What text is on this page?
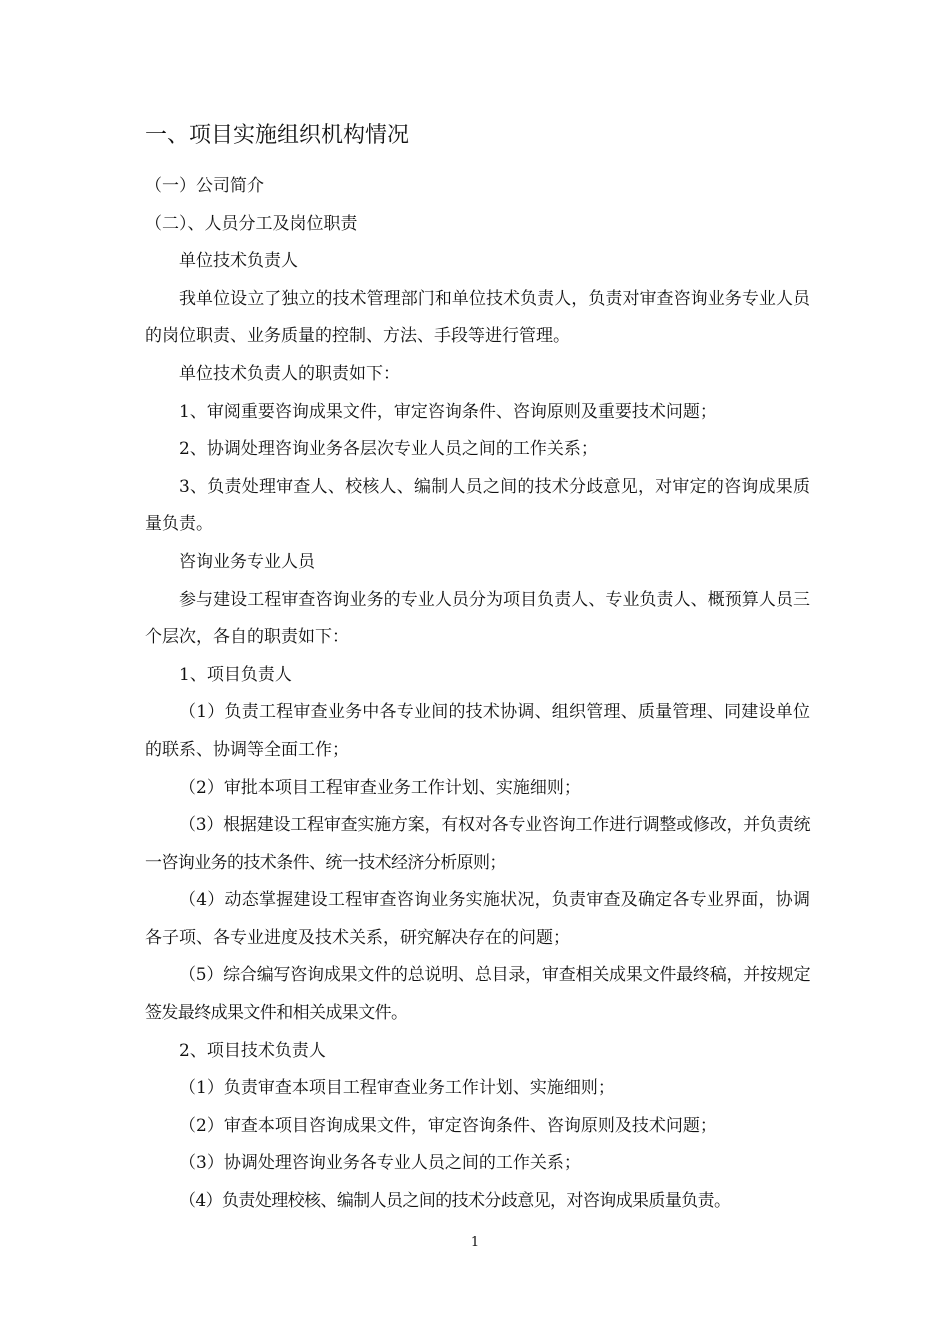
一、项目实施组织机构情况

（一）公司简介

（二）、人员分工及岗位职责

单位技术负责人

我单位设立了独立的技术管理部门和单位技术负责人，负责对审查咨询业务专业人员的岗位职责、业务质量的控制、方法、手段等进行管理。

单位技术负责人的职责如下：

1、审阅重要咨询成果文件，审定咨询条件、咨询原则及重要技术问题；

2、协调处理咨询业务各层次专业人员之间的工作关系；

3、负责处理审查人、校核人、编制人员之间的技术分歧意见，对审定的咨询成果质量负责。

咨询业务专业人员

参与建设工程审查咨询业务的专业人员分为项目负责人、专业负责人、概预算人员三个层次，各自的职责如下：

1、项目负责人

（1）负责工程审查业务中各专业间的技术协调、组织管理、质量管理、同建设单位的联系、协调等全面工作；

（2）审批本项目工程审查业务工作计划、实施细则；

（3）根据建设工程审查实施方案，有权对各专业咨询工作进行调整或修改，并负责统一咨询业务的技术条件、统一技术经济分析原则；

（4）动态掌握建设工程审查咨询业务实施状况，负责审查及确定各专业界面，协调各子项、各专业进度及技术关系，研究解决存在的问题；

（5）综合编写咨询成果文件的总说明、总目录，审查相关成果文件最终稿，并按规定签发最终成果文件和相关成果文件。

2、项目技术负责人

（1）负责审查本项目工程审查业务工作计划、实施细则；

（2）审查本项目咨询成果文件，审定咨询条件、咨询原则及技术问题；

（3）协调处理咨询业务各专业人员之间的工作关系；

（4）负责处理校核、编制人员之间的技术分歧意见，对咨询成果质量负责。

1
